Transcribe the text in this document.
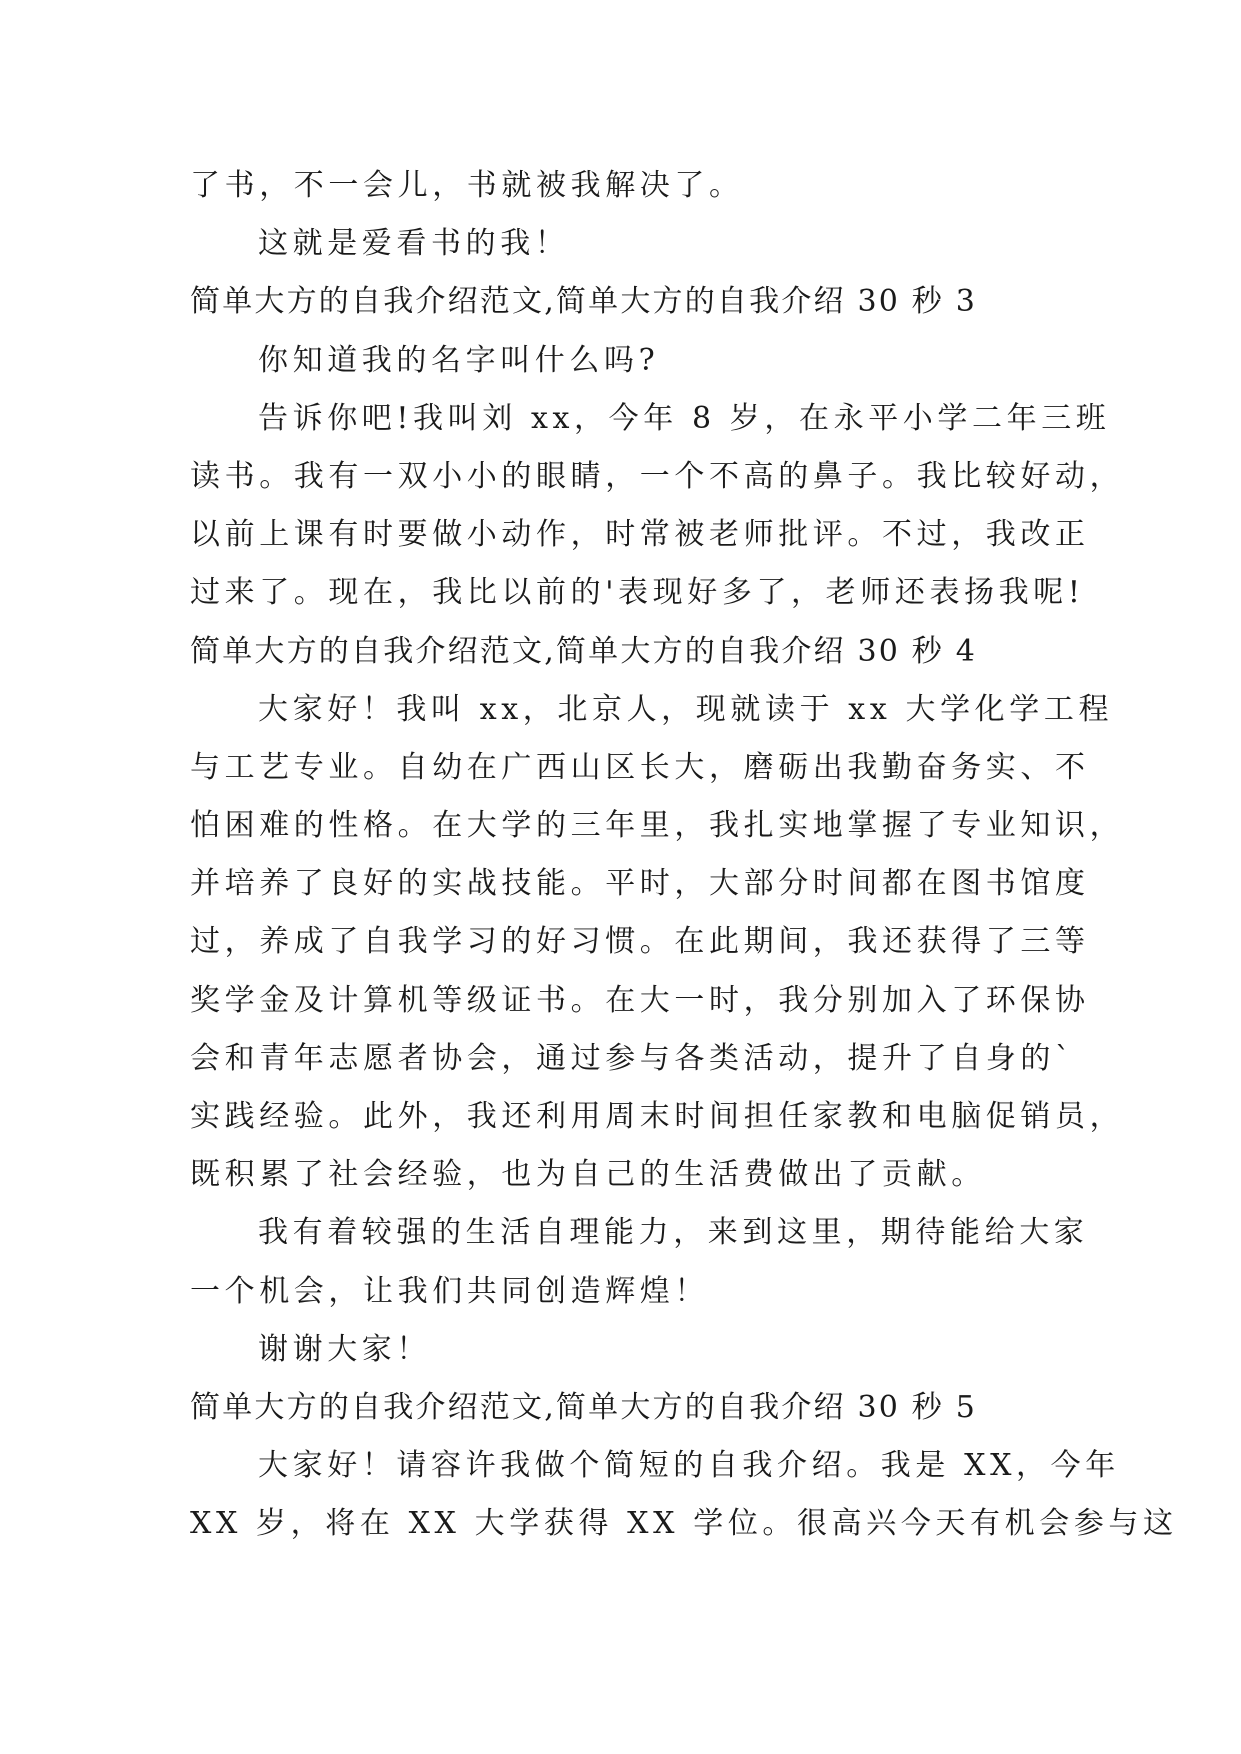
了书，不一会儿，书就被我解决了。
这就是爱看书的我！
简单大方的自我介绍范文,简单大方的自我介绍 30 秒 3
你知道我的名字叫什么吗?
告诉你吧!我叫刘 xx，今年 8 岁，在永平小学二年三班
读书。我有一双小小的眼睛，一个不高的鼻子。我比较好动，
以前上课有时要做小动作，时常被老师批评。不过，我改正
过来了。现在，我比以前的'表现好多了，老师还表扬我呢!
简单大方的自我介绍范文,简单大方的自我介绍 30 秒 4
大家好！我叫 xx，北京人，现就读于 xx 大学化学工程
与工艺专业。自幼在广西山区长大，磨砺出我勤奋务实、不
怕困难的性格。在大学的三年里，我扎实地掌握了专业知识，
并培养了良好的实战技能。平时，大部分时间都在图书馆度
过，养成了自我学习的好习惯。在此期间，我还获得了三等
奖学金及计算机等级证书。在大一时，我分别加入了环保协
会和青年志愿者协会，通过参与各类活动，提升了自身的`
实践经验。此外，我还利用周末时间担任家教和电脑促销员，
既积累了社会经验，也为自己的生活费做出了贡献。
我有着较强的生活自理能力，来到这里，期待能给大家
一个机会，让我们共同创造辉煌！
谢谢大家！
简单大方的自我介绍范文,简单大方的自我介绍 30 秒 5
大家好！请容许我做个简短的自我介绍。我是 XX，今年
XX 岁，将在 XX 大学获得 XX 学位。很高兴今天有机会参与这
